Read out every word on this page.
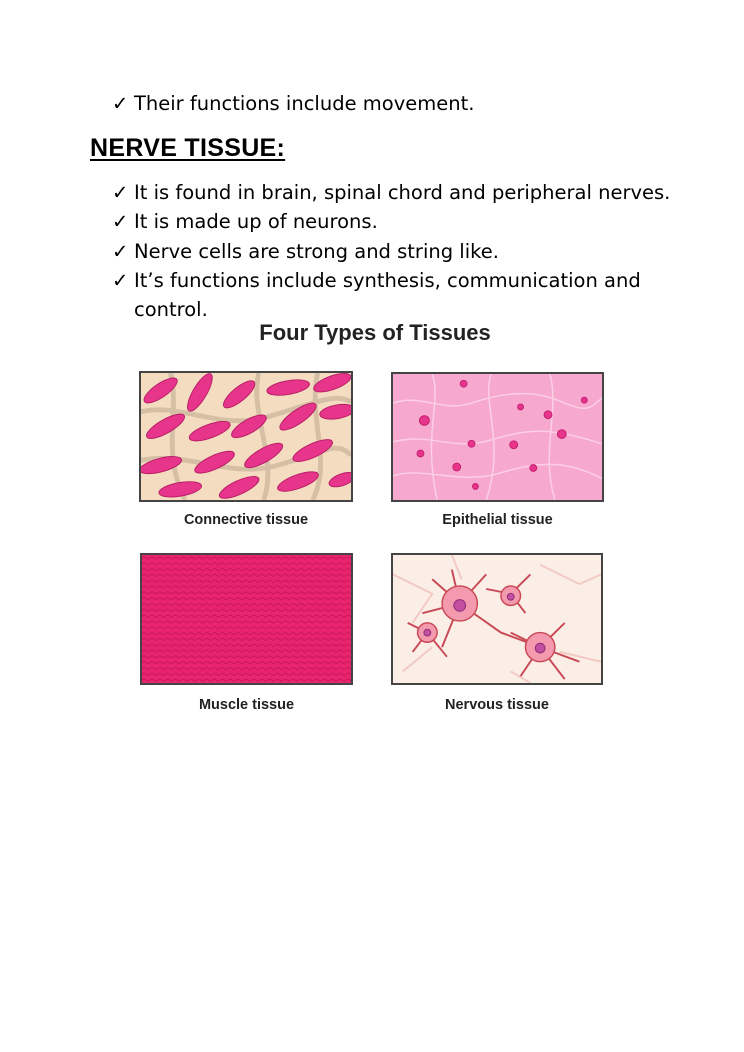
✓ Their functions include movement.
NERVE TISSUE:
✓ It is found in brain, spinal chord and peripheral nerves.
✓ It is made up of neurons.
✓ Nerve cells are strong and string like.
✓ It’s functions include synthesis, communication and
control.
Four Types of Tissues
Connective tissue	Epithelial tissue
Muscle tissue	Nervous tissue
